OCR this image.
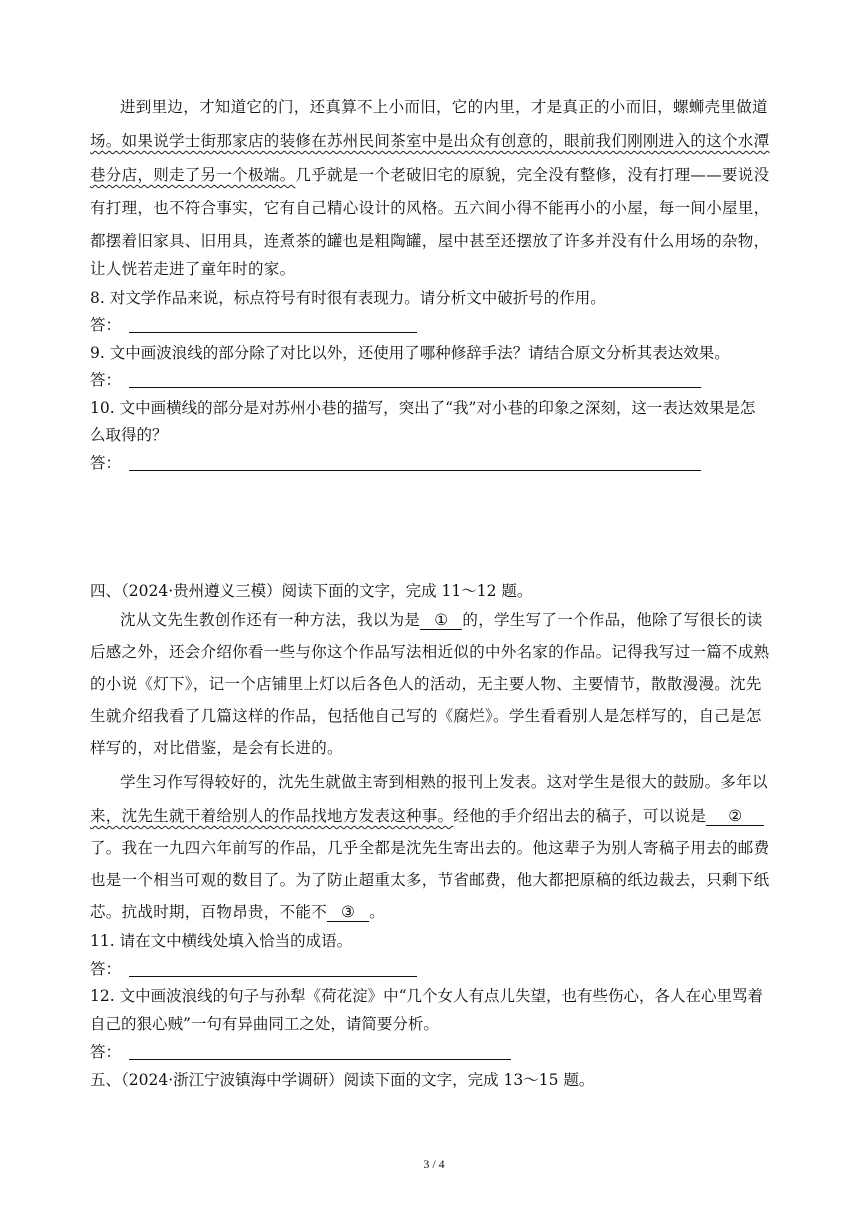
进到里边，才知道它的门，还真算不上小而旧，它的内里，才是真正的小而旧，螺蛳壳里做道
场。如果说学士街那家店的装修在苏州民间茶室中是出众有创意的，眼前我们刚刚进入的这个水潭
巷分店，则走了另一个极端。几乎就是一个老破旧宅的原貌，完全没有整修，没有打理——要说没
有打理，也不符合事实，它有自己精心设计的风格。五六间小得不能再小的小屋，每一间小屋里，
都摆着旧家具、旧用具，连煮茶的罐也是粗陶罐，屋中甚至还摆放了许多并没有什么用场的杂物，
让人恍若走进了童年时的家。
8. 对文学作品来说，标点符号有时很有表现力。请分析文中破折号的作用。
答：
9. 文中画波浪线的部分除了对比以外，还使用了哪种修辞手法？请结合原文分析其表达效果。
答：
10. 文中画横线的部分是对苏州小巷的描写，突出了“我”对小巷的印象之深刻，这一表达效果是怎
么取得的？
答：
四、（2024·贵州遵义三模）阅读下面的文字，完成 11～12 题。
沈从文先生教创作还有一种方法，我以为是 ① 的，学生写了一个作品，他除了写很长的读
后感之外，还会介绍你看一些与你这个作品写法相近似的中外名家的作品。记得我写过一篇不成熟
的小说《灯下》，记一个店铺里上灯以后各色人的活动，无主要人物、主要情节，散散漫漫。沈先
生就介绍我看了几篇这样的作品，包括他自己写的《腐烂》。学生看看别人是怎样写的，自己是怎
样写的，对比借鉴，是会有长进的。
学生习作写得较好的，沈先生就做主寄到相熟的报刊上发表。这对学生是很大的鼓励。多年以
来，沈先生就干着给别人的作品找地方发表这种事。经他的手介绍出去的稿子，可以说是 ②
了。我在一九四六年前写的作品，几乎全都是沈先生寄出去的。他这辈子为别人寄稿子用去的邮费
也是一个相当可观的数目了。为了防止超重太多，节省邮费，他大都把原稿的纸边裁去，只剩下纸
芯。抗战时期，百物昂贵，不能不 ③ 。
11. 请在文中横线处填入恰当的成语。
答：
12. 文中画波浪线的句子与孙犁《荷花淀》中“几个女人有点儿失望，也有些伤心，各人在心里骂着
自己的狠心贼”一句有异曲同工之处，请简要分析。
答：
五、（2024·浙江宁波镇海中学调研）阅读下面的文字，完成 13～15 题。
3 / 4
